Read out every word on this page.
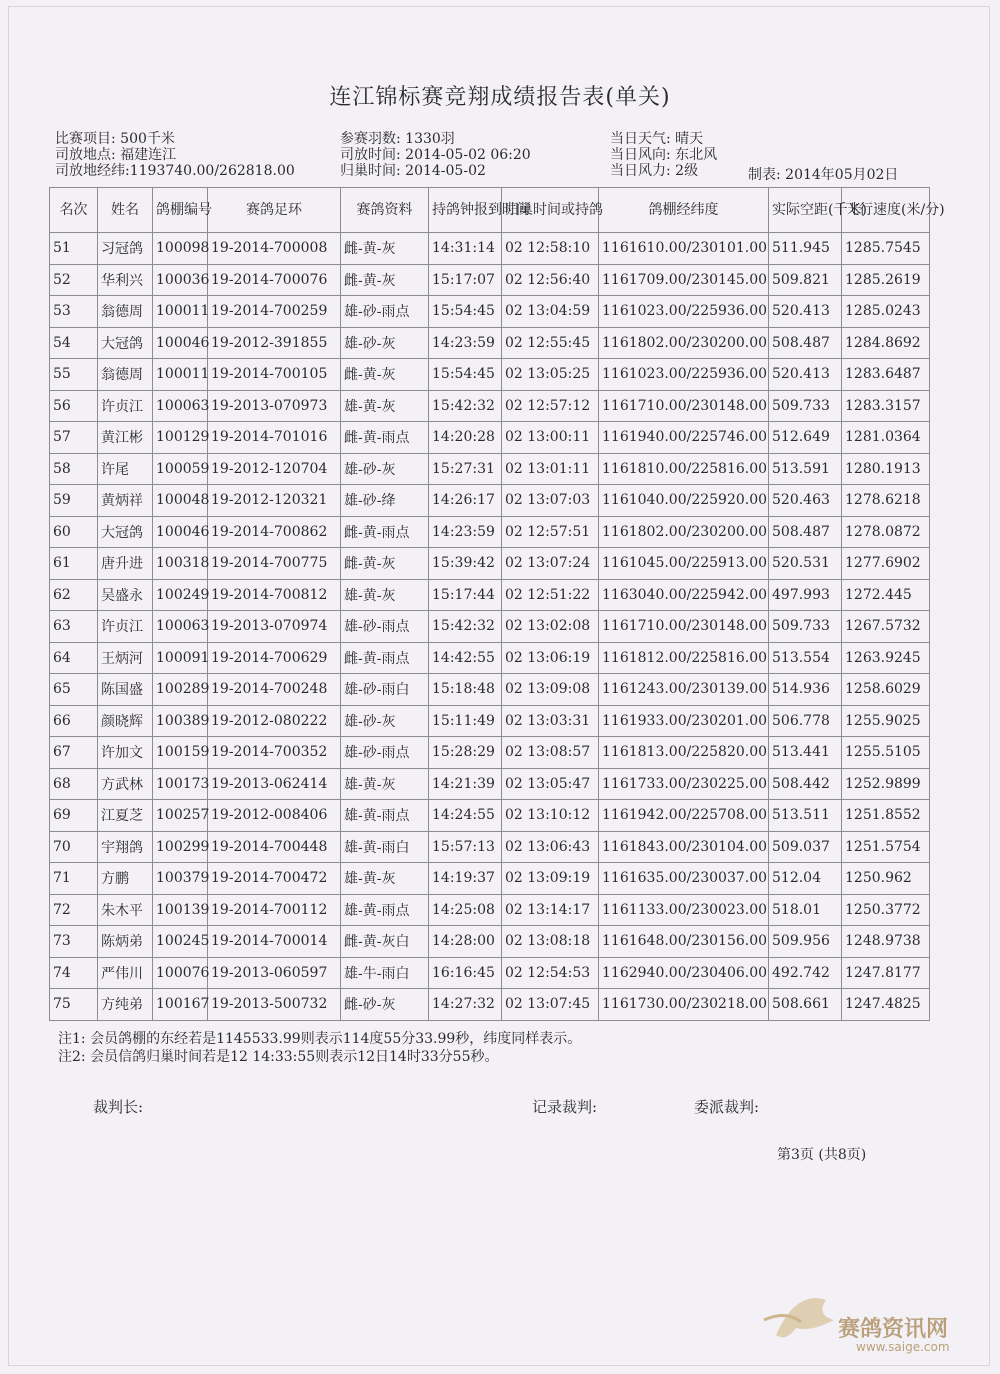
连江锦标赛竞翔成绩报告表(单关)
比赛项目: 500千米
司放地点: 福建连江
司放地经纬:1193740.00/262818.00
参赛羽数: 1330羽
司放时间: 2014-05-02 06:20
归巢时间: 2014-05-02
当日天气: 晴天
当日风向: 东北风
当日风力: 2级	制表: 2014年05月02日
名次	姓名	鸽棚编号	赛鸽足环	赛鸽资料	持鸽钟报到时间	归巢时间或持鸽	鸽棚经纬度	实际空距(千米)	飞行速度(米/分)
51	习冠鸽	100098	19-2014-700008	雌-黄-灰	14:31:14	02 12:58:10	1161610.00/230101.00	511.945	1285.7545
52	华利兴	100036	19-2014-700076	雌-黄-灰	15:17:07	02 12:56:40	1161709.00/230145.00	509.821	1285.2619
53	翁德周	100011	19-2014-700259	雄-砂-雨点	15:54:45	02 13:04:59	1161023.00/225936.00	520.413	1285.0243
54	大冠鸽	100046	19-2012-391855	雄-砂-灰	14:23:59	02 12:55:45	1161802.00/230200.00	508.487	1284.8692
55	翁德周	100011	19-2014-700105	雌-黄-灰	15:54:45	02 13:05:25	1161023.00/225936.00	520.413	1283.6487
56	许贞江	100063	19-2013-070973	雄-黄-灰	15:42:32	02 12:57:12	1161710.00/230148.00	509.733	1283.3157
57	黄江彬	100129	19-2014-701016	雌-黄-雨点	14:20:28	02 13:00:11	1161940.00/225746.00	512.649	1281.0364
58	许尾	100059	19-2012-120704	雄-砂-灰	15:27:31	02 13:01:11	1161810.00/225816.00	513.591	1280.1913
59	黄炳祥	100048	19-2012-120321	雄-砂-绛	14:26:17	02 13:07:03	1161040.00/225920.00	520.463	1278.6218
60	大冠鸽	100046	19-2014-700862	雌-黄-雨点	14:23:59	02 12:57:51	1161802.00/230200.00	508.487	1278.0872
61	唐升进	100318	19-2014-700775	雌-黄-灰	15:39:42	02 13:07:24	1161045.00/225913.00	520.531	1277.6902
62	吴盛永	100249	19-2014-700812	雄-黄-灰	15:17:44	02 12:51:22	1163040.00/225942.00	497.993	1272.445
63	许贞江	100063	19-2013-070974	雄-砂-雨点	15:42:32	02 13:02:08	1161710.00/230148.00	509.733	1267.5732
64	王炳河	100091	19-2014-700629	雌-黄-雨点	14:42:55	02 13:06:19	1161812.00/225816.00	513.554	1263.9245
65	陈国盛	100289	19-2014-700248	雄-砂-雨白	15:18:48	02 13:09:08	1161243.00/230139.00	514.936	1258.6029
66	颜晓辉	100389	19-2012-080222	雄-砂-灰	15:11:49	02 13:03:31	1161933.00/230201.00	506.778	1255.9025
67	许加文	100159	19-2014-700352	雄-砂-雨点	15:28:29	02 13:08:57	1161813.00/225820.00	513.441	1255.5105
68	方武林	100173	19-2013-062414	雄-黄-灰	14:21:39	02 13:05:47	1161733.00/230225.00	508.442	1252.9899
69	江夏芝	100257	19-2012-008406	雄-黄-雨点	14:24:55	02 13:10:12	1161942.00/225708.00	513.511	1251.8552
70	宇翔鸽	100299	19-2014-700448	雄-黄-雨白	15:57:13	02 13:06:43	1161843.00/230104.00	509.037	1251.5754
71	方鹏	100379	19-2014-700472	雄-黄-灰	14:19:37	02 13:09:19	1161635.00/230037.00	512.04	1250.962
72	朱木平	100139	19-2014-700112	雄-黄-雨点	14:25:08	02 13:14:17	1161133.00/230023.00	518.01	1250.3772
73	陈炳弟	100245	19-2014-700014	雌-黄-灰白	14:28:00	02 13:08:18	1161648.00/230156.00	509.956	1248.9738
74	严伟川	100076	19-2013-060597	雄-牛-雨白	16:16:45	02 12:54:53	1162940.00/230406.00	492.742	1247.8177
75	方纯弟	100167	19-2013-500732	雌-砂-灰	14:27:32	02 13:07:45	1161730.00/230218.00	508.661	1247.4825
注1: 会员鸽棚的东经若是1145533.99则表示114度55分33.99秒，纬度同样表示。
注2: 会员信鸽归巢时间若是12 14:33:55则表示12日14时33分55秒。
裁判长:	记录裁判:	委派裁判:
第3页 (共8页)
赛鸽资讯网
www.saige.com
